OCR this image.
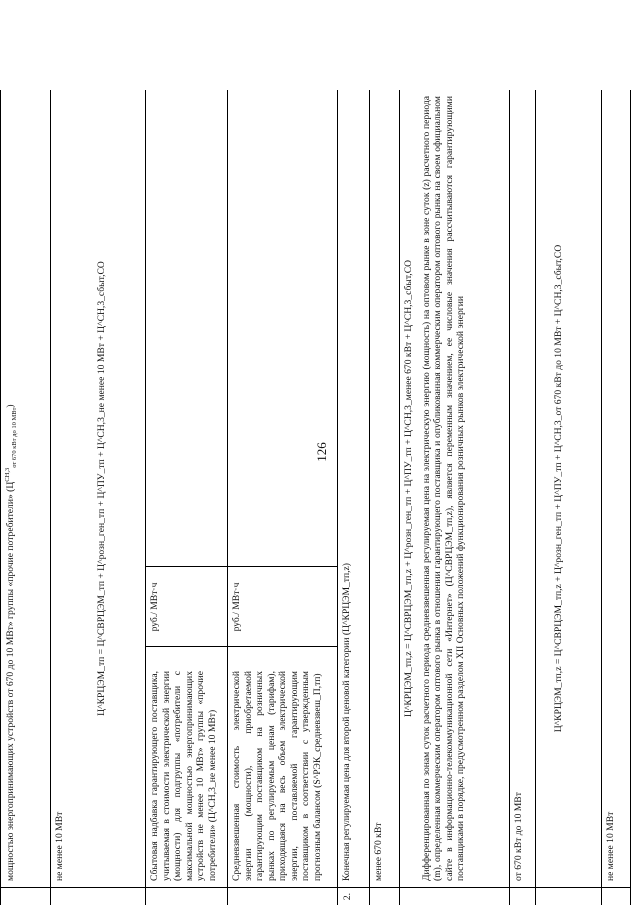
126
мощностью энергопринимающих устройств от 670 до 10 МВт» группы «прочие потребители» $(Ц^{СН,3}_{от 670 кВт до 10 МВт})$
не менее 10 МВт
Ц^КРЦЭМ_тп = Ц^СВРЦЭМ_тп + Ц^розн_ген_тп + Ц^ПУ_тп + Ц^СН,3_не менее 10 МВт + Ц^СН,3_сбыт,СО
Сбытовая надбавка гарантирующего поставщика, учитываемая в стоимости электрической энергии (мощности) для подгруппы «потребители с максимальной мощностью энергопринимающих устройств не менее 10 МВт» группы «прочие потребители» (Ц^СН,3_не менее 10 МВт)
руб./ МВт·ч
Средневзвешенная стоимость электрической энергии (мощности), приобретаемой гарантирующим поставщиком на розничных рынках по регулируемым ценам (тарифам), приходящаяся на весь объем электрической энергии, поставляемой гарантирующим поставщиком в соответствии с утвержденным прогнозным балансом (S^РЭК_средневзвеш_П,тп)
руб./ МВт·ч
2.
Конечная регулируемая цена для второй ценовой категории (Ц^КРЦЭМ_тп,z) менее 670 кВт
Ц^КРЦЭМ_тп,z = Ц^СВРЦЭМ_тп,z + Ц^розн_ген_тп + Ц^ПУ_тп + Ц^СН,3_менее 670 кВт + Ц^СН,3_сбыт,СО Дифференцированная по зонам суток расчетного периода средневзвешенная регулируемая цена на электрическую энергию (мощность) на оптовом рынке в зоне суток (z) расчетного периода (m), определенная коммерческим оператором оптового рынка в отношении гарантирующего поставщика и опубликованная коммерческим оператором оптового рынка на своем официальном сайте в информационно-телекоммуникационной сети «Интернет» (Ц^СВРЦЭМ_тп,z), является переменным значением, ее числовые значения рассчитываются гарантирующими поставщиками в порядке, предусмотренном разделом XII Основных положений функционирования розничных рынков электрической энергии	от 670 кВт до 10 МВт
Ц^КРЦЭМ_тп,z = Ц^СВРЦЭМ_тп,z + Ц^розн_ген_тп + Ц^ПУ_тп + Ц^СН,3_от 670 кВт до 10 МВт + Ц^СН,3_сбыт,СО
не менее 10 МВт
